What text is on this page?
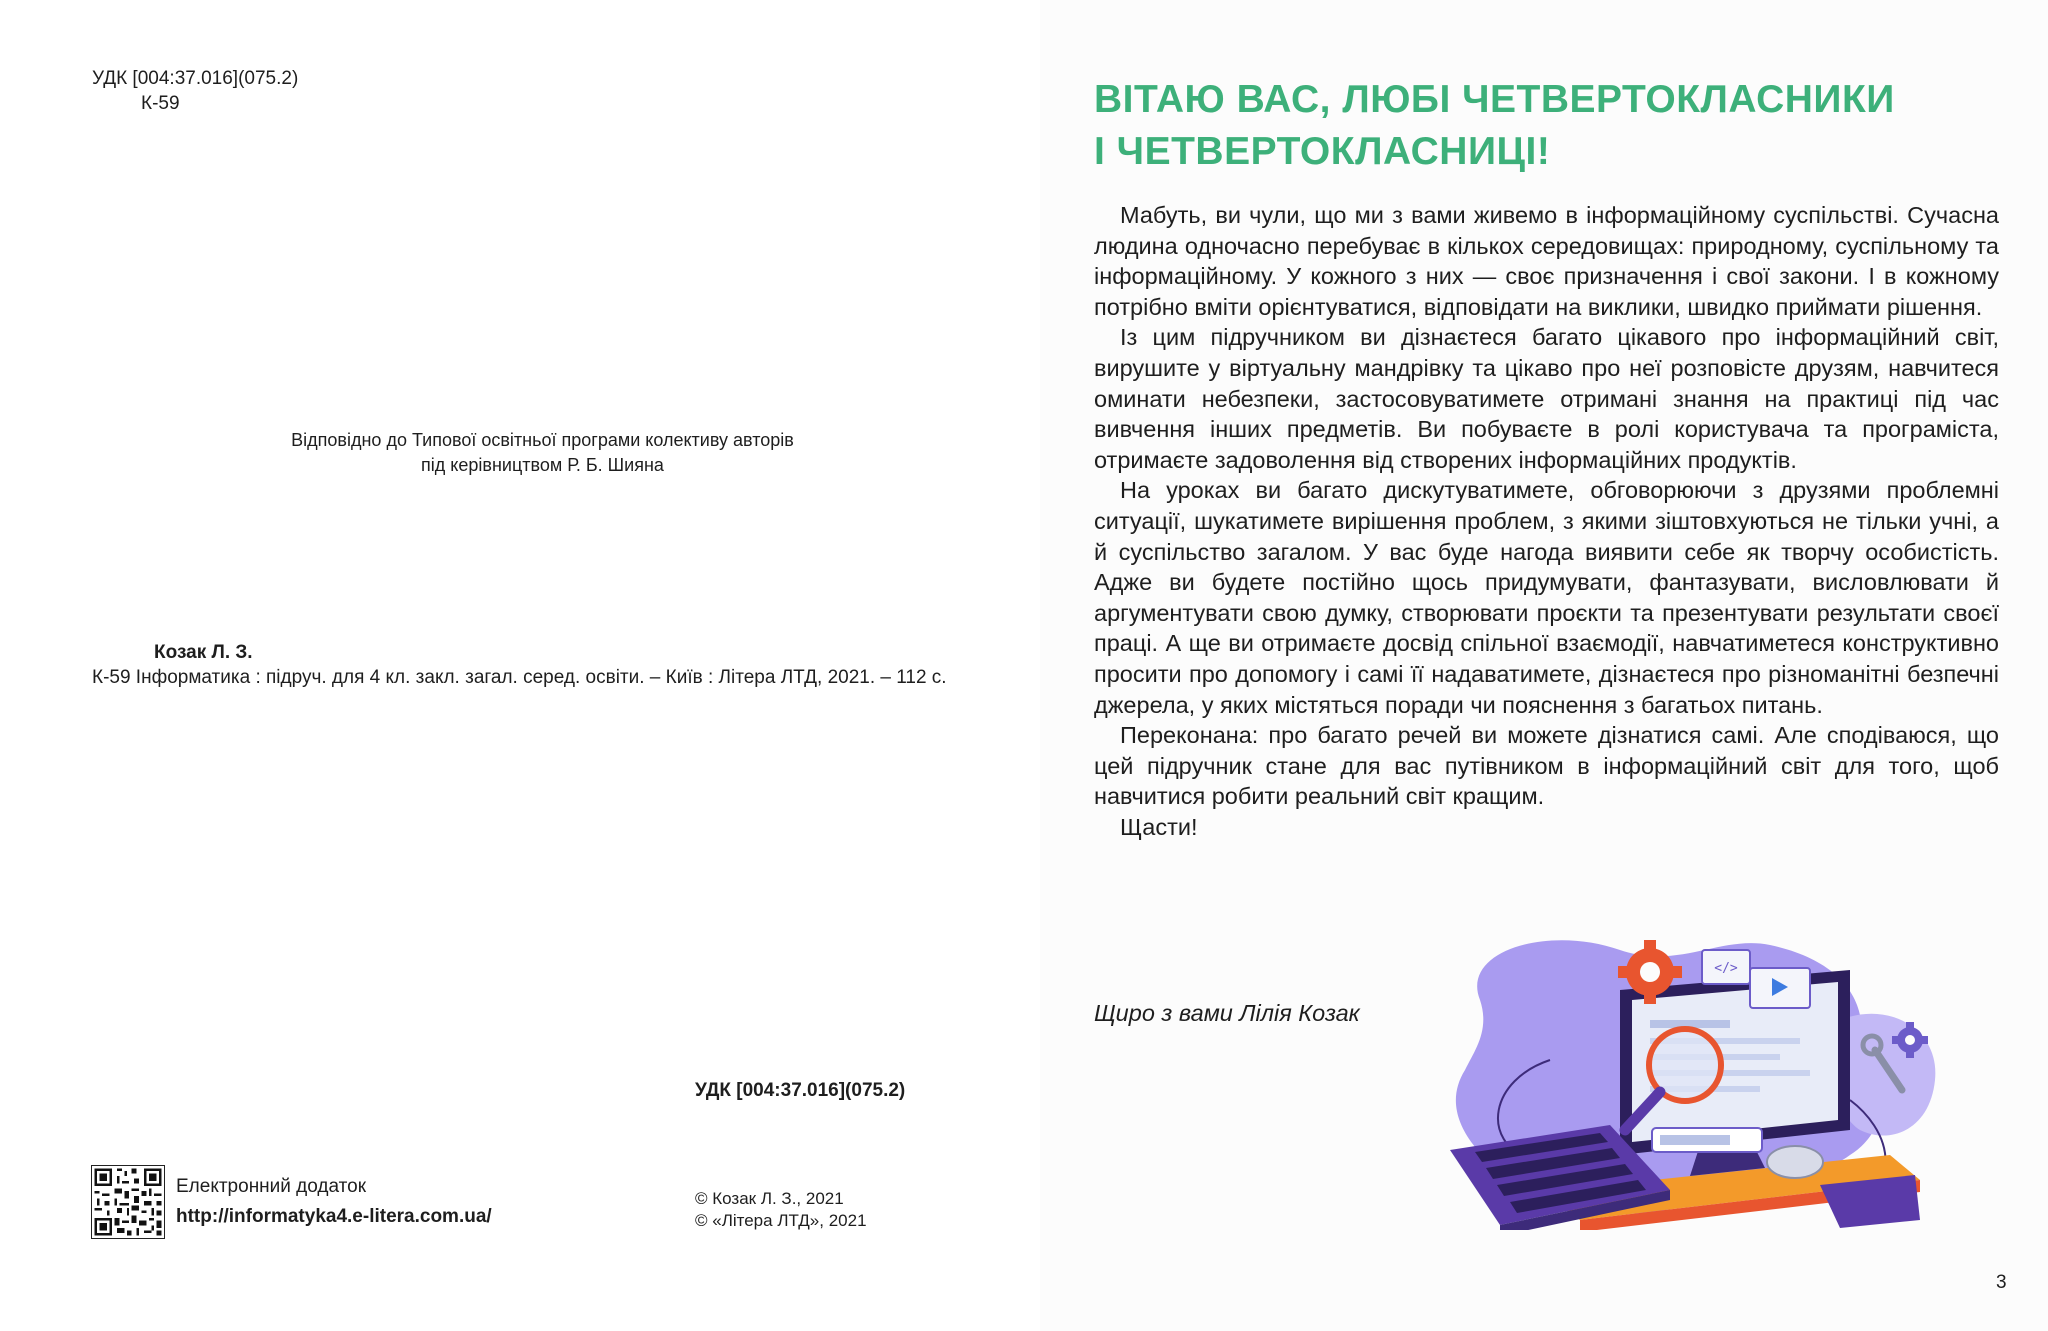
УДК [004:37.016](075.2)
К-59
Відповідно до Типової освітньої програми колективу авторів
під керівництвом Р. Б. Шияна
Козак Л. З.
К-59 Інформатика : підруч. для 4 кл. закл. загал. серед. освіти. – Київ : Літера ЛТД, 2021. – 112 с.
УДК [004:37.016](075.2)
Електронний додаток
http://informatyka4.e-litera.com.ua/
© Козак Л. З., 2021
© «Літера ЛТД», 2021
ВІТАЮ ВАС, ЛЮБІ ЧЕТВЕРТОКЛАСНИКИ
І ЧЕТВЕРТОКЛАСНИЦІ!

Мабуть, ви чули, що ми з вами живемо в інформаційному суспільстві. Сучасна людина одночасно перебуває в кількох середовищах: природному, суспільному та інформаційному. У кожного з них — своє призначення і свої закони. І в кожному потрібно вміти орієнтуватися, відповідати на виклики, швидко приймати рішення.

Із цим підручником ви дізнаєтеся багато цікавого про інформаційний світ, вирушите у віртуальну мандрівку та цікаво про неї розповісте друзям, навчитеся оминати небезпеки, застосовуватимете отримані знання на практиці під час вивчення інших предметів. Ви побуваєте в ролі користувача та програміста, отримаєте задоволення від створених інформаційних продуктів.

На уроках ви багато дискутуватимете, обговорюючи з друзями проблемні ситуації, шукатимете вирішення проблем, з якими зіштовхуються не тільки учні, а й суспільство загалом. У вас буде нагода виявити себе як творчу особистість. Адже ви будете постійно щось придумувати, фантазувати, висловлювати й аргументувати свою думку, створювати проєкти та презентувати результати своєї праці. А ще ви отримаєте досвід спільної взаємодії, навчатиметеся конструктивно просити про допомогу і самі її надаватимете, дізнаєтеся про різноманітні безпечні джерела, у яких містяться поради чи пояснення з багатьох питань.

Переконана: про багато речей ви можете дізнатися самі. Але сподіваюся, що цей підручник стане для вас путівником в інформаційний світ для того, щоб навчитися робити реальний світ кращим.

Щасти!

Щиро з вами Лілія Козак
</>
3
